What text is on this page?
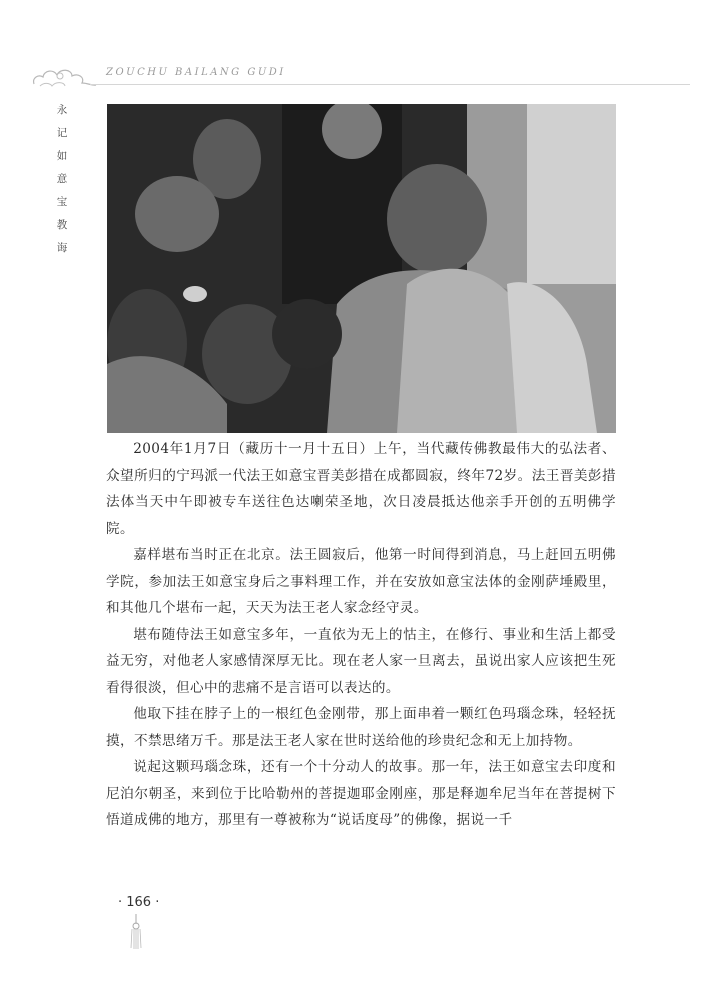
ZOUCHU BAILANG GUDI
永
记
如
意
宝
教
诲

2004年1月7日（藏历十一月十五日）上午，当代藏传佛教最伟大的弘法者、众望所归的宁玛派一代法王如意宝晋美彭措在成都圆寂，终年72岁。法王晋美彭措法体当天中午即被专车送往色达喇荣圣地，次日凌晨抵达他亲手开创的五明佛学院。

嘉样堪布当时正在北京。法王圆寂后，他第一时间得到消息，马上赶回五明佛学院，参加法王如意宝身后之事料理工作，并在安放如意宝法体的金刚萨埵殿里，和其他几个堪布一起，天天为法王老人家念经守灵。

堪布随侍法王如意宝多年，一直依为无上的怙主，在修行、事业和生活上都受益无穷，对他老人家感情深厚无比。现在老人家一旦离去，虽说出家人应该把生死看得很淡，但心中的悲痛不是言语可以表达的。

他取下挂在脖子上的一根红色金刚带，那上面串着一颗红色玛瑙念珠，轻轻抚摸，不禁思绪万千。那是法王老人家在世时送给他的珍贵纪念和无上加持物。

说起这颗玛瑙念珠，还有一个十分动人的故事。那一年，法王如意宝去印度和尼泊尔朝圣，来到位于比哈勒州的菩提迦耶金刚座，那是释迦牟尼当年在菩提树下悟道成佛的地方，那里有一尊被称为“说话度母”的佛像，据说一千

· 166 ·
